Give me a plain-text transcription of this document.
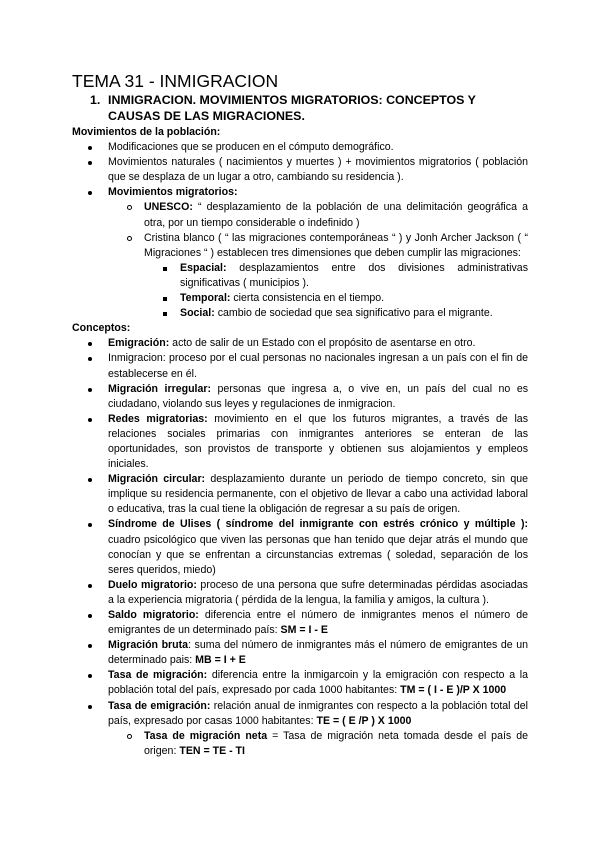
TEMA 31 - INMIGRACION
1. INMIGRACION. MOVIMIENTOS MIGRATORIOS: CONCEPTOS Y CAUSAS DE LAS MIGRACIONES.
Movimientos de la población:
Modificaciones que se producen en el cómputo demográfico.
Movimientos naturales ( nacimientos y muertes ) + movimientos migratorios ( población que se desplaza de un lugar a otro, cambiando su residencia ).
Movimientos migratorios:
UNESCO: “ desplazamiento de la población de una delimitación geográfica a otra, por un tiempo considerable o indefinido )
Cristina blanco ( “ las migraciones contemporáneas “ ) y Jonh Archer Jackson ( “ Migraciones “ ) establecen tres dimensiones que deben cumplir las migraciones:
Espacial: desplazamientos entre dos divisiones administrativas significativas ( municipios ).
Temporal: cierta consistencia en el tiempo.
Social: cambio de sociedad que sea significativo para el migrante.
Conceptos:
Emigración: acto de salir de un Estado con el propósito de asentarse en otro.
Inmigracion: proceso por el cual personas no nacionales ingresan a un país con el fin de establecerse en él.
Migración irregular: personas que ingresa a, o vive en, un país del cual no es ciudadano, violando sus leyes y regulaciones de inmigracion.
Redes migratorias: movimiento en el que los futuros migrantes, a través de las relaciones sociales primarias con inmigrantes anteriores se enteran de las oportunidades, son provistos de transporte y obtienen sus alojamientos y empleos iniciales.
Migración circular: desplazamiento durante un periodo de tiempo concreto, sin que implique su residencia permanente, con el objetivo de llevar a cabo una actividad laboral o educativa, tras la cual tiene la obligación de regresar a su país de origen.
Síndrome de Ulises ( síndrome del inmigrante con estrés crónico y múltiple ): cuadro psicológico que viven las personas que han tenido que dejar atrás el mundo que conocían y que se enfrentan a circunstancias extremas ( soledad, separación de los seres queridos, miedo)
Duelo migratorio: proceso de una persona que sufre determinadas pérdidas asociadas a la experiencia migratoria ( pérdida de la lengua, la familia y amigos, la cultura ).
Saldo migratorio: diferencia entre el número de inmigrantes menos el número de emigrantes de un determinado país: SM = I - E
Migración bruta: suma del número de inmigrantes más el número de emigrantes de un determinado pais: MB = I + E
Tasa de migración: diferencia entre la inmigarcoin y la emigración con respecto a la población total del país, expresado por cada 1000 habitantes: TM = ( I - E )/P X 1000
Tasa de emigración: relación anual de inmigrantes con respecto a la población total del país, expresado por casas 1000 habitantes: TE = ( E /P ) X 1000
Tasa de migración neta = Tasa de migración neta tomada desde el país de origen: TEN = TE - TI
